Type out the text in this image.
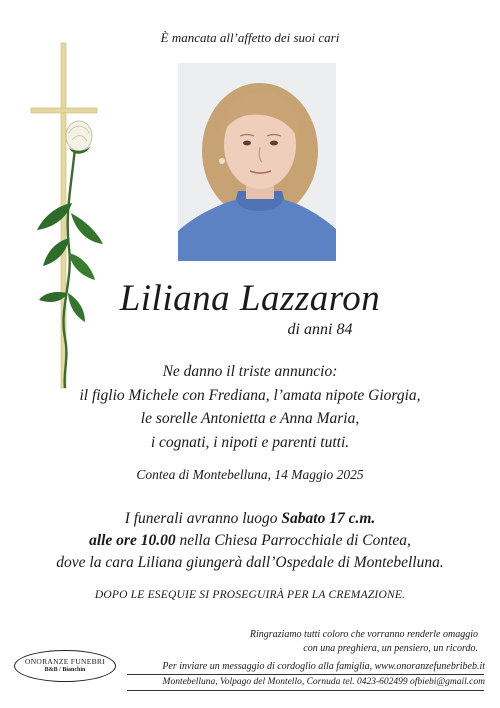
È mancata all’affetto dei suoi cari
Liliana Lazzaron
di anni 84
Ne danno il triste annuncio:
il figlio Michele con Frediana, l’amata nipote Giorgia,
le sorelle Antonietta e Anna Maria,
i cognati, i nipoti e parenti tutti.
Contea di Montebelluna, 14 Maggio 2025
I funerali avranno luogo Sabato 17 c.m.
alle ore 10.00 nella Chiesa Parrocchiale di Contea,
dove la cara Liliana giungerà dall’Ospedale di Montebelluna.
DOPO LE ESEQUIE SI PROSEGUIRÀ PER LA CREMAZIONE.
Ringraziamo tutti coloro che vorranno renderle omaggio
con una preghiera, un pensiero, un ricordo.
ONORANZE FUNEBRI
B&B / Bianchin	Per inviare un messaggio di cordoglio alla famiglia, www.onoranzefunebribeb.it
Montebelluna, Volpago del Montello, Cornuda tel. 0423-602499 ofbiebi@gmail.com
